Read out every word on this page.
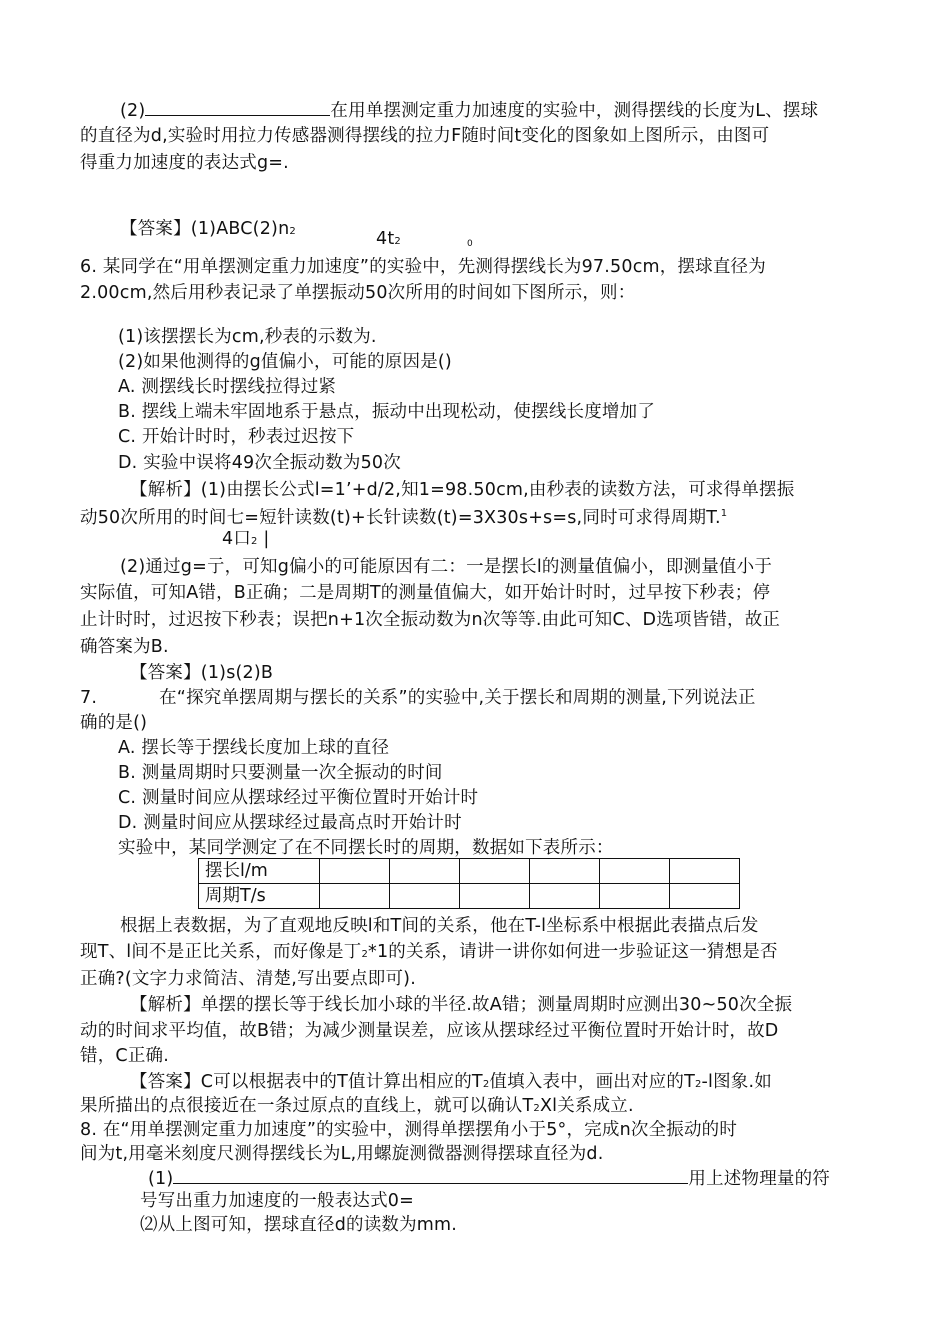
(2)	在用单摆测定重力加速度的实验中，测得摆线的长度为L、摆球
的直径为d,实验时用拉力传感器测得摆线的拉力F随时间t变化的图象如上图所示，由图可
得重力加速度的表达式g=.
【答案】(1)ABC(2)n2	4t2	0
6. 某同学在“用单摆测定重力加速度”的实验中，先测得摆线长为97.50cm，摆球直径为
2.00cm,然后用秒表记录了单摆振动50次所用的时间如下图所示，则：
(1)该摆摆长为cm,秒表的示数为.
(2)如果他测得的g值偏小，可能的原因是()
A. 测摆线长时摆线拉得过紧
B. 摆线上端未牢固地系于悬点，振动中出现松动，使摆线长度增加了
C. 开始计时时，秒表过迟按下
D. 实验中误将49次全振动数为50次
【解析】(1)由摆长公式l=1’+d/2,知1=98.50cm,由秒表的读数方法，可求得单摆振
动50次所用的时间七=短针读数(t)+长针读数(t)=3X30s+s=s,同时可求得周期T.$^1$
4口2 |
(2)通过g=亍，可知g偏小的可能原因有二：一是摆长l的测量值偏小，即测量值小于
实际值，可知A错，B正确；二是周期T的测量值偏大，如开始计时时，过早按下秒表；停
止计时时，过迟按下秒表；误把n+1次全振动数为n次等等.由此可知C、D选项皆错，故正
确答案为B.
【答案】(1)s(2)B
7.	在“探究单摆周期与摆长的关系”的实验中,关于摆长和周期的测量,下列说法正
确的是()
A. 摆长等于摆线长度加上球的直径
B. 测量周期时只要测量一次全振动的时间
C. 测量时间应从摆球经过平衡位置时开始计时
D. 测量时间应从摆球经过最高点时开始计时
实验中，某同学测定了在不同摆长时的周期，数据如下表所示：
摆长l/m						
周期T/s						
根据上表数据，为了直观地反映l和T间的关系，他在T-l坐标系中根据此表描点后发
现T、l间不是正比关系，而好像是丁2*1的关系，请讲一讲你如何进一步验证这一猜想是否
正确?(文字力求简洁、清楚,写出要点即可).
【解析】单摆的摆长等于线长加小球的半径.故A错；测量周期时应测出30~50次全振
动的时间求平均值，故B错；为减少测量误差，应该从摆球经过平衡位置时开始计时，故D
错，C正确.
【答案】C可以根据表中的T值计算出相应的T2值填入表中，画出对应的T2-l图象.如
果所描出的点很接近在一条过原点的直线上，就可以确认T2Xl关系成立.
8. 在“用单摆测定重力加速度”的实验中，测得单摆摆角小于5°，完成n次全振动的时
间为t,用毫米刻度尺测得摆线长为L,用螺旋测微器测得摆球直径为d.
(1)	用上述物理量的符
号写出重力加速度的一般表达式0=
⑵从上图可知，摆球直径d的读数为mm.
